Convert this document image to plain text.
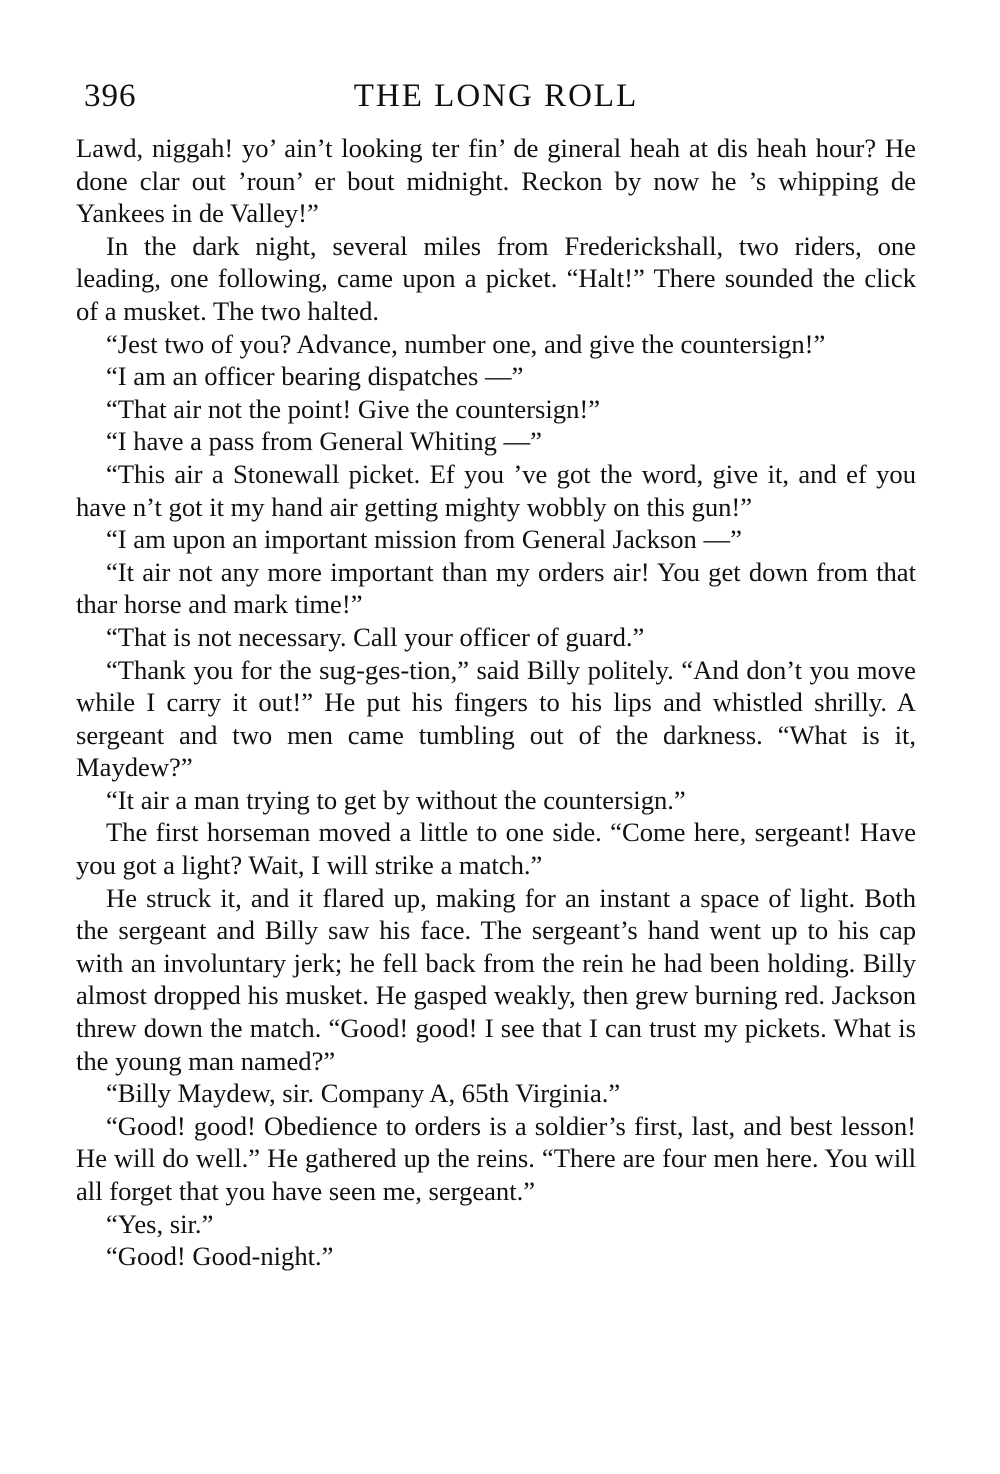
396	THE LONG ROLL

Lawd, niggah! yo’ ain’t looking ter fin’ de gineral heah at dis heah hour? He done clar out ’roun’ er bout midnight. Reckon by now he ’s whipping de Yankees in de Valley!”

In the dark night, several miles from Frederickshall, two riders, one leading, one following, came upon a picket. “Halt!” There sounded the click of a musket. The two halted.

“Jest two of you? Advance, number one, and give the countersign!”

“I am an officer bearing dispatches —”

“That air not the point! Give the countersign!”

“I have a pass from General Whiting —”

“This air a Stonewall picket. Ef you ’ve got the word, give it, and ef you have n’t got it my hand air getting mighty wobbly on this gun!”

“I am upon an important mission from General Jackson —”

“It air not any more important than my orders air! You get down from that thar horse and mark time!”

“That is not necessary. Call your officer of guard.”

“Thank you for the sug-ges-tion,” said Billy politely. “And don’t you move while I carry it out!” He put his fingers to his lips and whistled shrilly. A sergeant and two men came tumbling out of the darkness. “What is it, Maydew?”

“It air a man trying to get by without the countersign.”

The first horseman moved a little to one side. “Come here, sergeant! Have you got a light? Wait, I will strike a match.”

He struck it, and it flared up, making for an instant a space of light. Both the sergeant and Billy saw his face. The sergeant’s hand went up to his cap with an involuntary jerk; he fell back from the rein he had been holding. Billy almost dropped his musket. He gasped weakly, then grew burning red. Jackson threw down the match. “Good! good! I see that I can trust my pickets. What is the young man named?”

“Billy Maydew, sir. Company A, 65th Virginia.”

“Good! good! Obedience to orders is a soldier’s first, last, and best lesson! He will do well.” He gathered up the reins. “There are four men here. You will all forget that you have seen me, sergeant.”

“Yes, sir.”

“Good! Good-night.”
